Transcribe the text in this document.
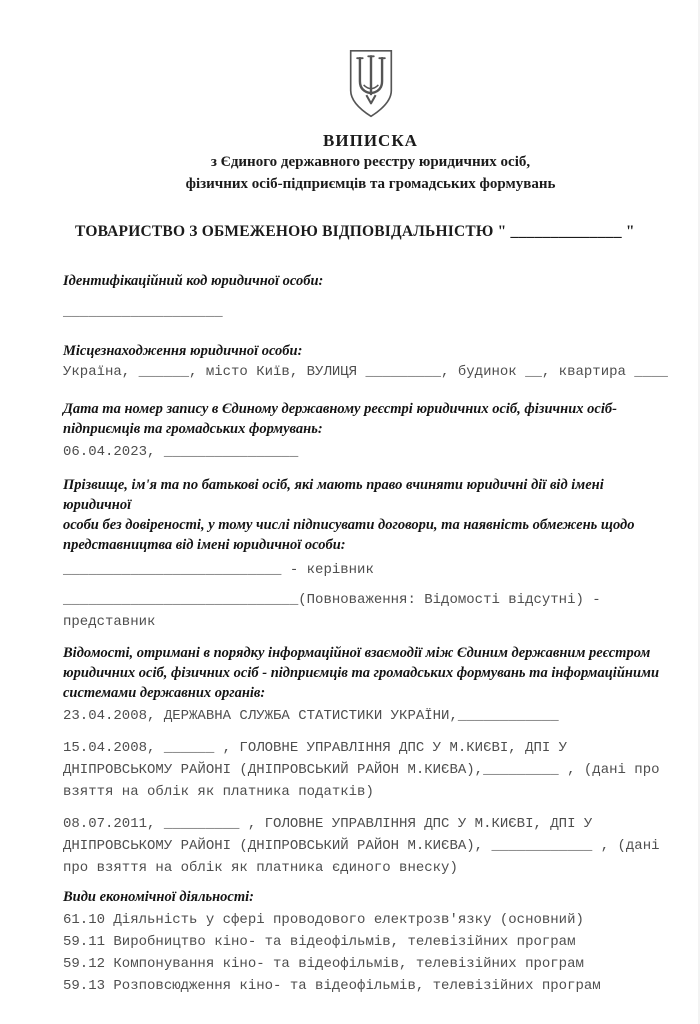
ВИПИСКА
з Єдиного державного реєстру юридичних осіб,
фізичних осіб-підприємців та громадських формувань
ТОВАРИСТВО З ОБМЕЖЕНОЮ ВІДПОВІДАЛЬНІСТЮ " ______________ "
Ідентифікаційний код юридичної особи:
___________________
Місцезнаходження юридичної особи:
Україна, ______, місто Київ, ВУЛИЦЯ _________, будинок __, квартира ____
Дата та номер запису в Єдиному державному реєстрі юридичних осіб, фізичних осіб-
підприємців та громадських формувань:
06.04.2023, ________________
Прізвище, ім'я та по батькові осіб, які мають право вчиняти юридичні дії від імені юридичної
особи без довіреності, у тому числі підписувати договори, та наявність обмежень щодо
представництва від імені юридичної особи:
__________________________ - керівник
____________________________(Повноваження: Відомості відсутні) -
представник
Відомості, отримані в порядку інформаційної взаємодії між Єдиним державним реєстром
юридичних осіб, фізичних осіб - підприємців та громадських формувань та інформаційними
системами державних органів:
23.04.2008, ДЕРЖАВНА СЛУЖБА СТАТИСТИКИ УКРАЇНИ,____________
15.04.2008, ______ , ГОЛОВНЕ УПРАВЛІННЯ ДПС У М.КИЄВІ, ДПІ У
ДНІПРОВСЬКОМУ РАЙОНІ (ДНІПРОВСЬКИЙ РАЙОН М.КИЄВА),_________ , (дані про
взяття на облік як платника податків)
08.07.2011, _________ , ГОЛОВНЕ УПРАВЛІННЯ ДПС У М.КИЄВІ, ДПІ У
ДНІПРОВСЬКОМУ РАЙОНІ (ДНІПРОВСЬКИЙ РАЙОН М.КИЄВА), ____________ , (дані
про взяття на облік як платника єдиного внеску)
Види економічної діяльності:
61.10 Діяльність у сфері проводового електрозв'язку (основний)
59.11 Виробництво кіно- та відеофільмів, телевізійних програм
59.12 Компонування кіно- та відеофільмів, телевізійних програм
59.13 Розповсюдження кіно- та відеофільмів, телевізійних програм
